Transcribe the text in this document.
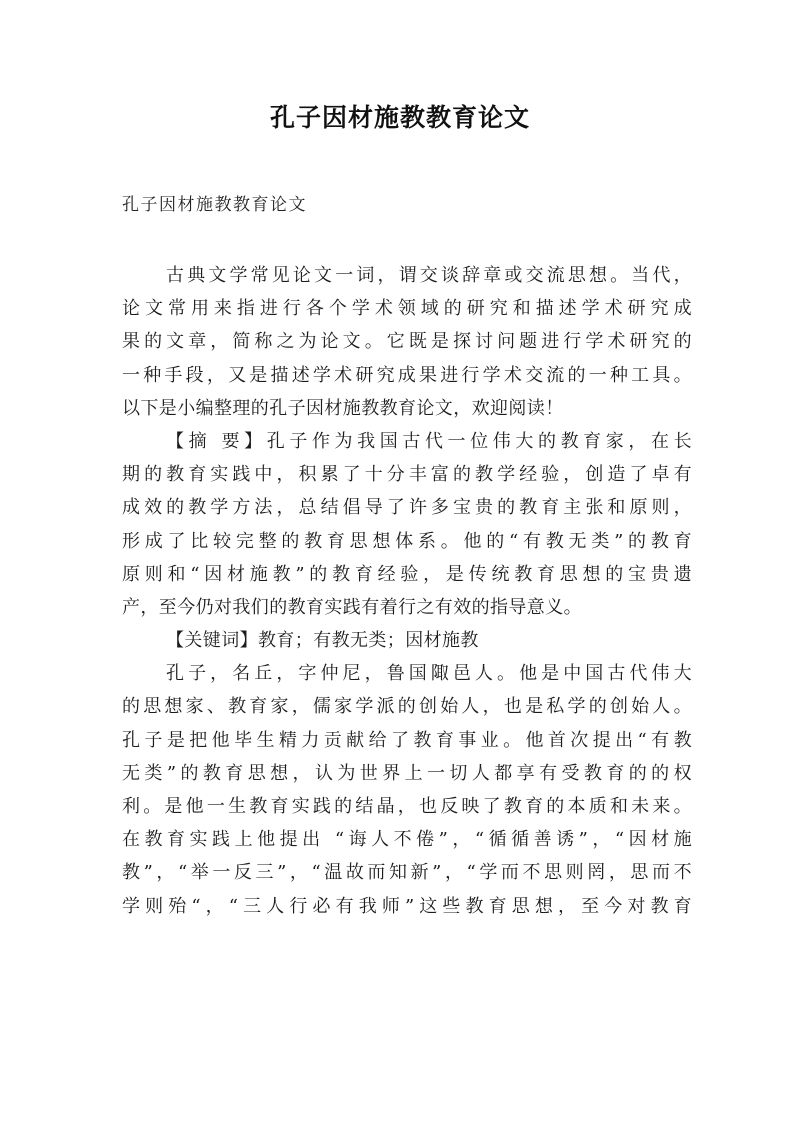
孔子因材施教教育论文

孔子因材施教教育论文

古典文学常见论文一词，谓交谈辞章或交流思想。当代，

论文常用来指进行各个学术领域的研究和描述学术研究成

果的文章，简称之为论文。它既是探讨问题进行学术研究的

一种手段，又是描述学术研究成果进行学术交流的一种工具。

以下是小编整理的孔子因材施教教育论文，欢迎阅读！

【摘 要】孔子作为我国古代一位伟大的教育家，在长

期的教育实践中，积累了十分丰富的教学经验，创造了卓有

成效的教学方法，总结倡导了许多宝贵的教育主张和原则，

形成了比较完整的教育思想体系。他的“有教无类”的教育

原则和“因材施教”的教育经验，是传统教育思想的宝贵遗

产，至今仍对我们的教育实践有着行之有效的指导意义。

【关键词】教育；有教无类；因材施教

孔子，名丘，字仲尼，鲁国陬邑人。他是中国古代伟大

的思想家、教育家，儒家学派的创始人，也是私学的创始人。

孔子是把他毕生精力贡献给了教育事业。他首次提出“有教

无类”的教育思想，认为世界上一切人都享有受教育的的权

利。是他一生教育实践的结晶，也反映了教育的本质和未来。

在教育实践上他提出 “诲人不倦”，“循循善诱”，“因材施

教”，“举一反三”，“温故而知新”，“学而不思则罔，思而不

学则殆“，“三人行必有我师”这些教育思想，至今对教育
